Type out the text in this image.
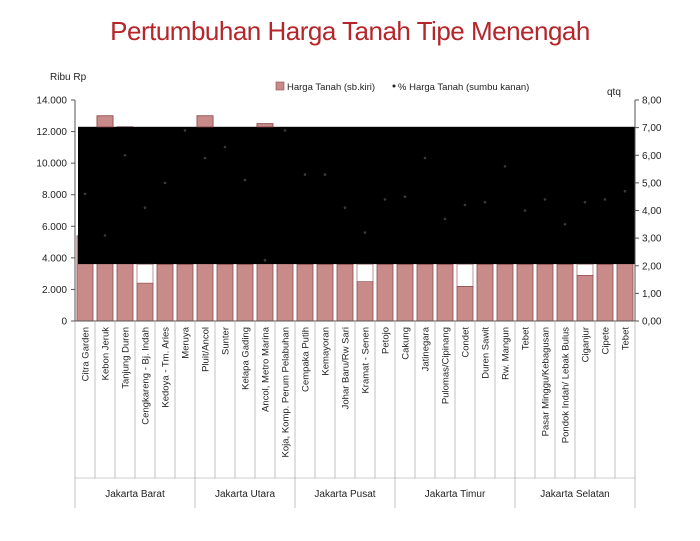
Pertumbuhan Harga Tanah Tipe Menengah
0
2.000
4.000
6.000
8.000
10.000
12.000
14.000
0,00
1,00
2,00
3,00
4,00
5,00
6,00
7,00
8,00
Ribu Rp
qtq
Citra Garden Kebon Jeruk Tanjung Duren Cengkareng - Bj. Indah Kedoya - Tm. Aries Meruya Pluit/Ancol Sunter Kelapa Gading Ancol, Metro Marina Koja, Komp. Perum Pelabuhan Cempaka Putih Kemayoran Johar Baru/Rw Sari Kramat - Senen Petojo Cakung Jatinegara Pulomas/Cipinang Condet Duren Sawit Rw. Mangun Tebet Pasar Minggu/Kebagusan Pondok Indah/ Lebak Bulus Ciganjur Cipete Tebet
Jakarta Barat	Jakarta Utara	Jakarta Pusat	Jakarta Timur	Jakarta Selatan
Harga Tanah (sb.kiri) % Harga Tanah (sumbu kanan)
